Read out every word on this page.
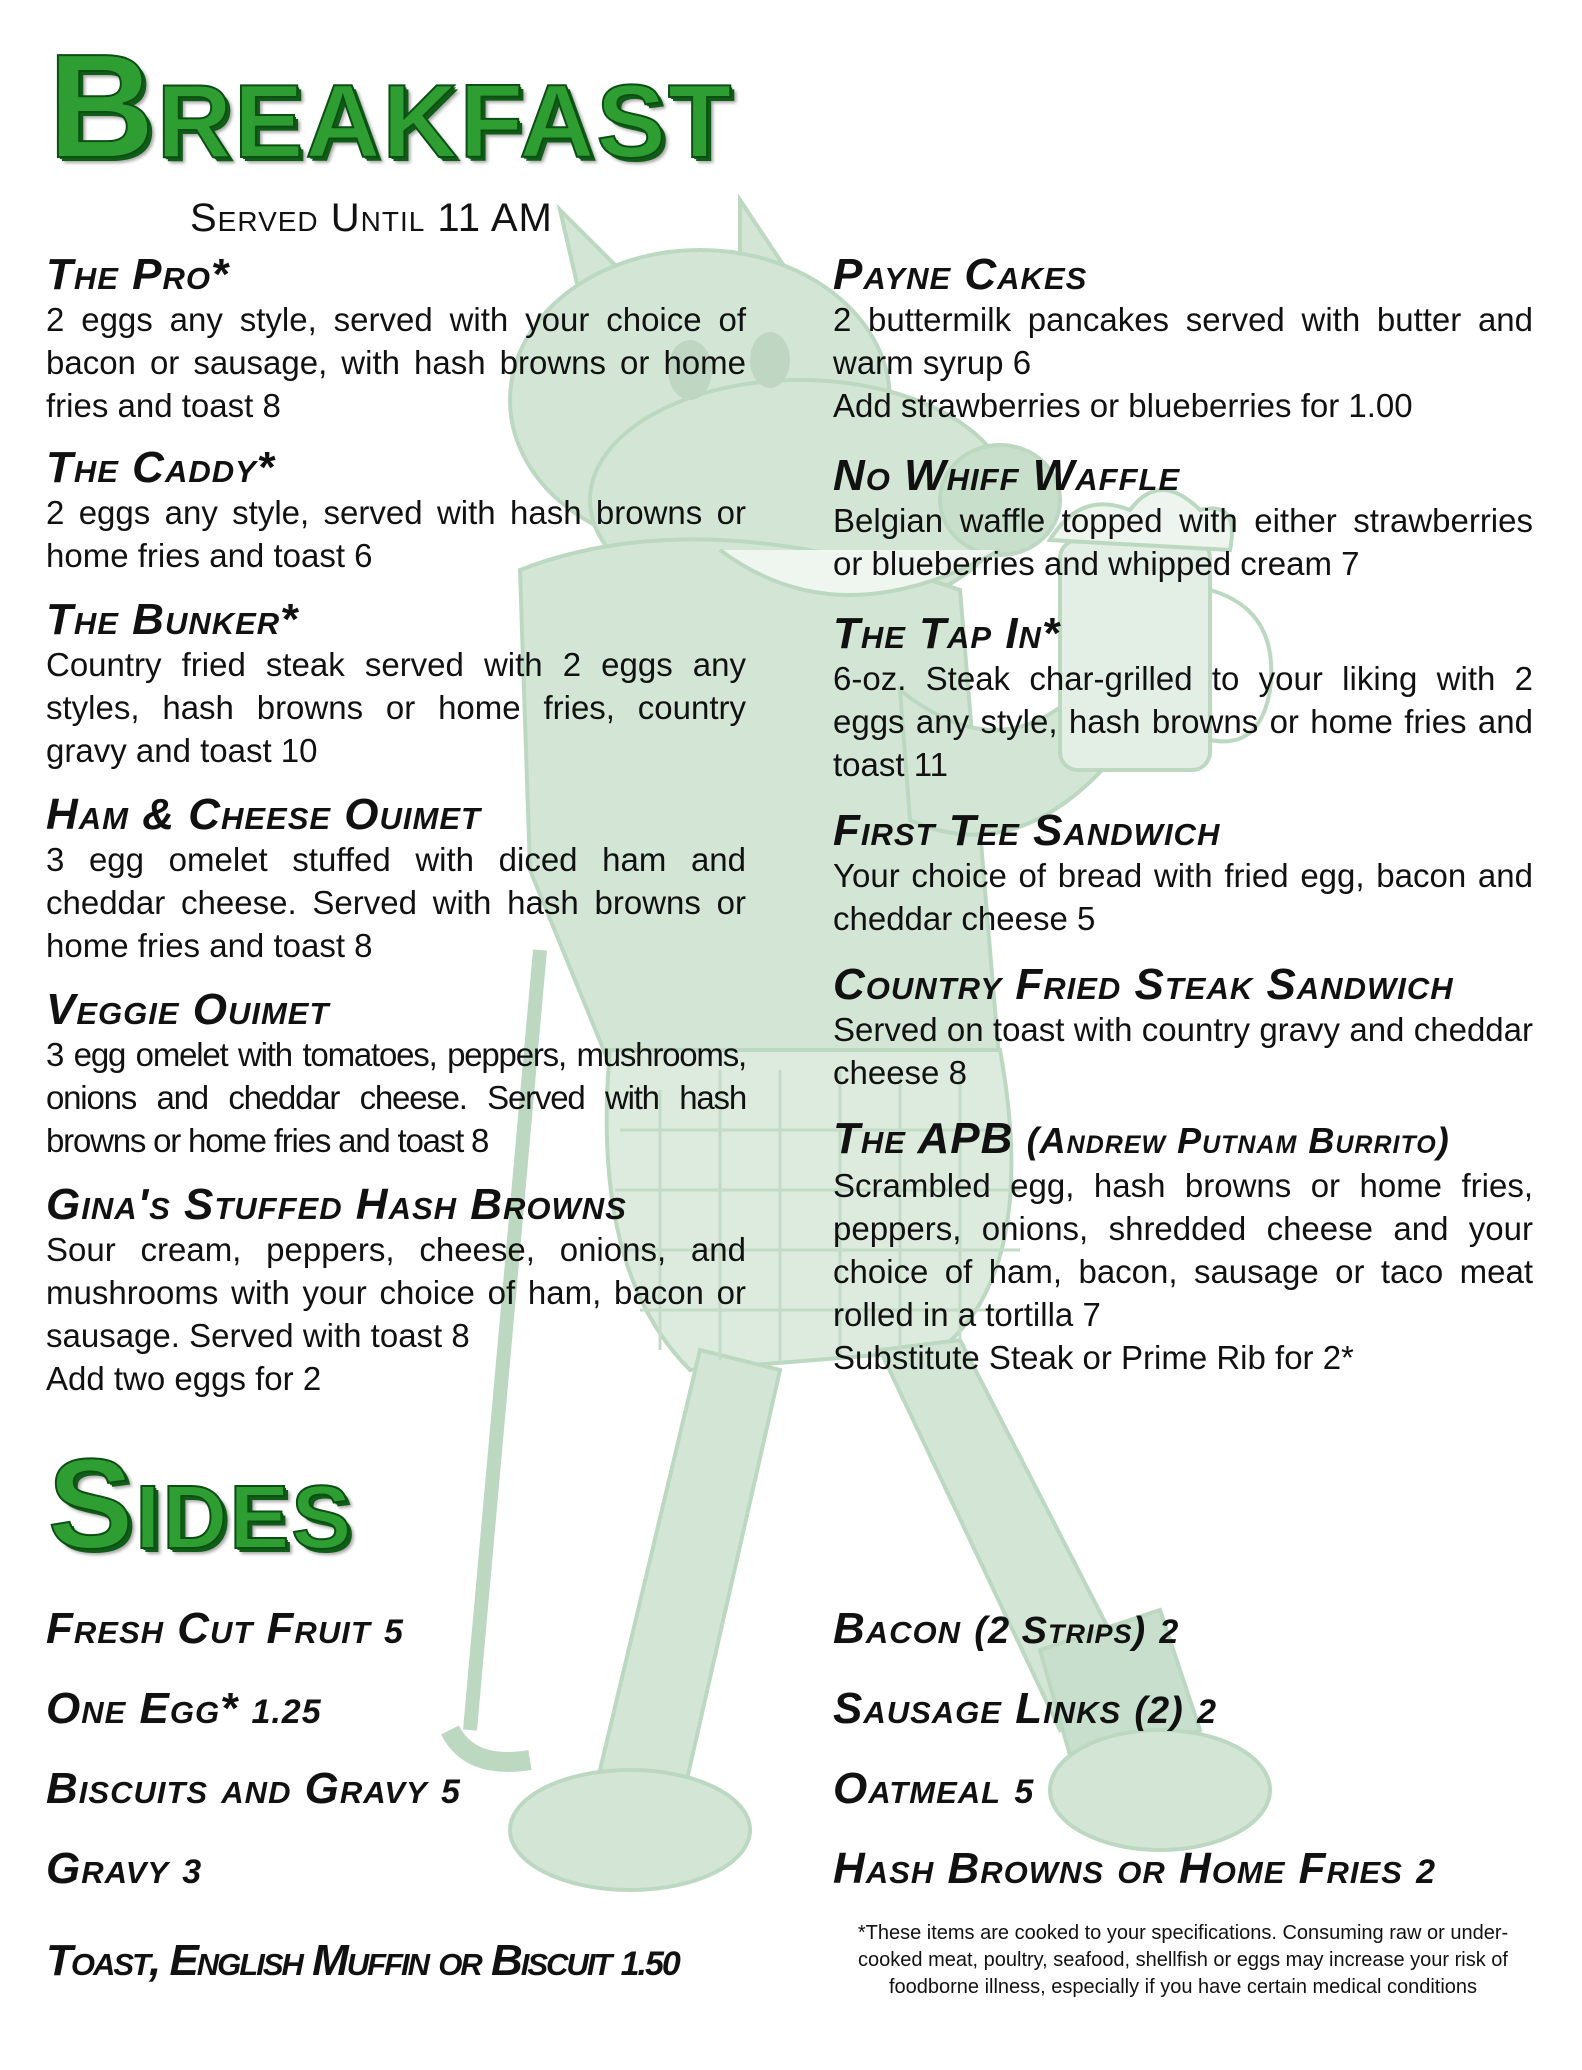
Breakfast
Served Until 11 AM
The Pro*
2 eggs any style, served with your choice of bacon or sausage, with hash browns or home fries and toast 8
The Caddy*
2 eggs any style, served with hash browns or home fries and toast 6
The Bunker*
Country fried steak served with 2 eggs any styles, hash browns or home fries, country gravy and toast 10
Ham & Cheese Ouimet
3 egg omelet stuffed with diced ham and cheddar cheese. Served with hash browns or home fries and toast 8
Veggie Ouimet
3 egg omelet with tomatoes, peppers, mushrooms, onions and cheddar cheese. Served with hash browns or home fries and toast 8
Gina's Stuffed Hash Browns
Sour cream, peppers, cheese, onions, and mushrooms with your choice of ham, bacon or sausage. Served with toast 8
Add two eggs for 2
Payne Cakes
2 buttermilk pancakes served with butter and warm syrup 6
Add strawberries or blueberries for 1.00
No Whiff Waffle
Belgian waffle topped with either strawberries or blueberries and whipped cream 7
The Tap In*
6-oz. Steak char-grilled to your liking with 2 eggs any style, hash browns or home fries and toast 11
First Tee Sandwich
Your choice of bread with fried egg, bacon and cheddar cheese 5
Country Fried Steak Sandwich
Served on toast with country gravy and cheddar cheese 8
The APB (Andrew Putnam Burrito)
Scrambled egg, hash browns or home fries, peppers, onions, shredded cheese and your choice of ham, bacon, sausage or taco meat rolled in a tortilla 7
Substitute Steak or Prime Rib for 2*
Sides
Fresh Cut Fruit 5
One Egg* 1.25
Biscuits and Gravy 5
Gravy 3
Toast, English Muffin or Biscuit 1.50
Bacon (2 Strips) 2
Sausage Links (2) 2
Oatmeal 5
Hash Browns or Home Fries 2
*These items are cooked to your specifications. Consuming raw or under-cooked meat, poultry, seafood, shellfish or eggs may increase your risk of foodborne illness, especially if you have certain medical conditions
